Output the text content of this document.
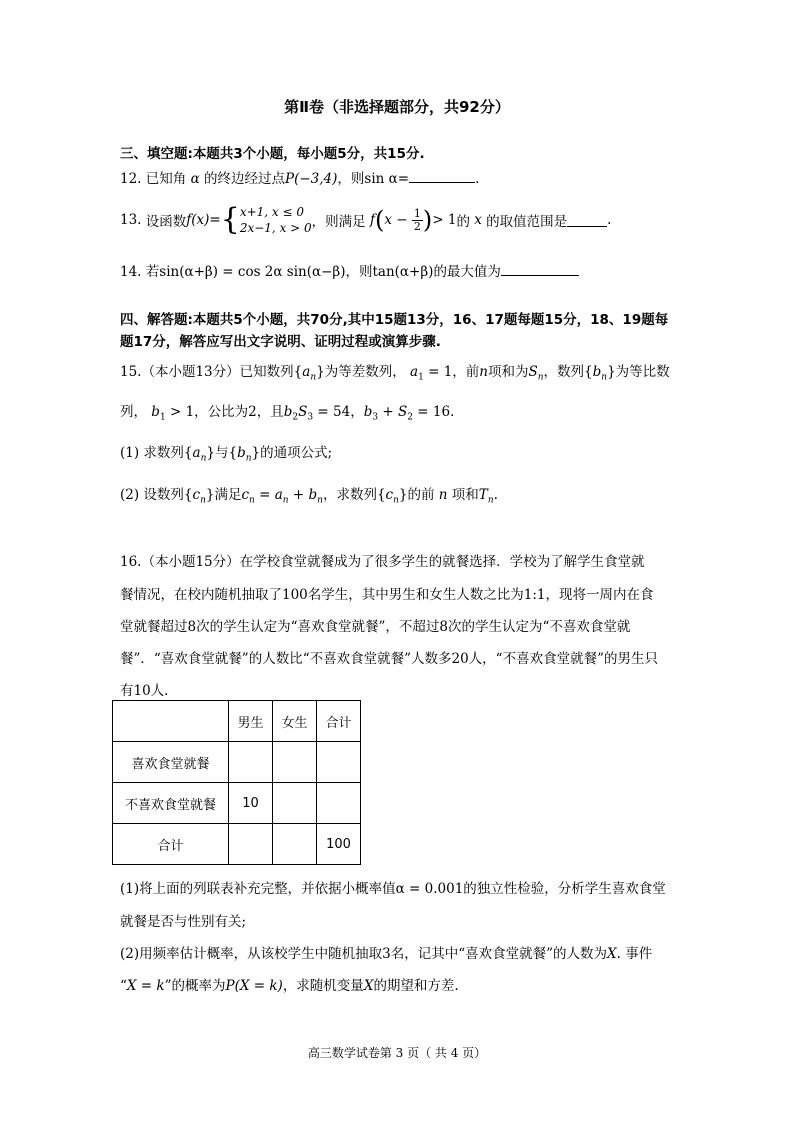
第Ⅱ卷（非选择题部分，共92分）
三、填空题:本题共3个小题，每小题5分，共15分.
12. 已知角 α 的终边经过点P(−3,4)，则sin α=	.
13.
设函数 f(x)= { x+1, x ≤ 0
2x−1, x > 0 ，则满足 f ( $x - \frac{1}{2}$ ) > 1 的
x
的取值范围是	.
14. 若sin(α+β) = cos 2α sin(α−β)，则tan(α+β)的最大值为
四、解答题:本题共5个小题，共70分,其中15题13分，16、17题每题15分，18、19题每
题17分，解答应写出文字说明、证明过程或演算步骤.
15.（本小题13分）已知数列$\{a_n\}$为等差数列， $a_1 = 1$，前n项和为$S_n$，数列$\{b_n\}$为等比数
列， $b_1 > 1$，公比为2，且$b_2S_3 = 54$，$b_3 + S_2 = 16$.
(1) 求数列$\{a_n\}$与$\{b_n\}$的通项公式;
(2) 设数列$\{c_n\}$满足$c_n = a_n + b_n$，求数列$\{c_n\}$的前 n 项和$T_n$.
16.（本小题15分）在学校食堂就餐成为了很多学生的就餐选择．学校为了解学生食堂就
餐情况，在校内随机抽取了100名学生，其中男生和女生人数之比为1:1，现将一周内在食
堂就餐超过8次的学生认定为“喜欢食堂就餐”，不超过8次的学生认定为“不喜欢食堂就
餐”．“喜欢食堂就餐”的人数比“不喜欢食堂就餐”人数多20人，“不喜欢食堂就餐”的男生只
有10人.
	男生	女生	合计
喜欢食堂就餐			
不喜欢食堂就餐	10		
合计			100
(1)将上面的列联表补充完整，并依据小概率值α = 0.001的独立性检验，分析学生喜欢食堂
就餐是否与性别有关;
(2)用频率估计概率，从该校学生中随机抽取3名，记其中“喜欢食堂就餐”的人数为X. 事件
“X = k”的概率为P(X = k)，求随机变量X的期望和方差.
高三数学试卷第 3 页（ 共 4 页）
